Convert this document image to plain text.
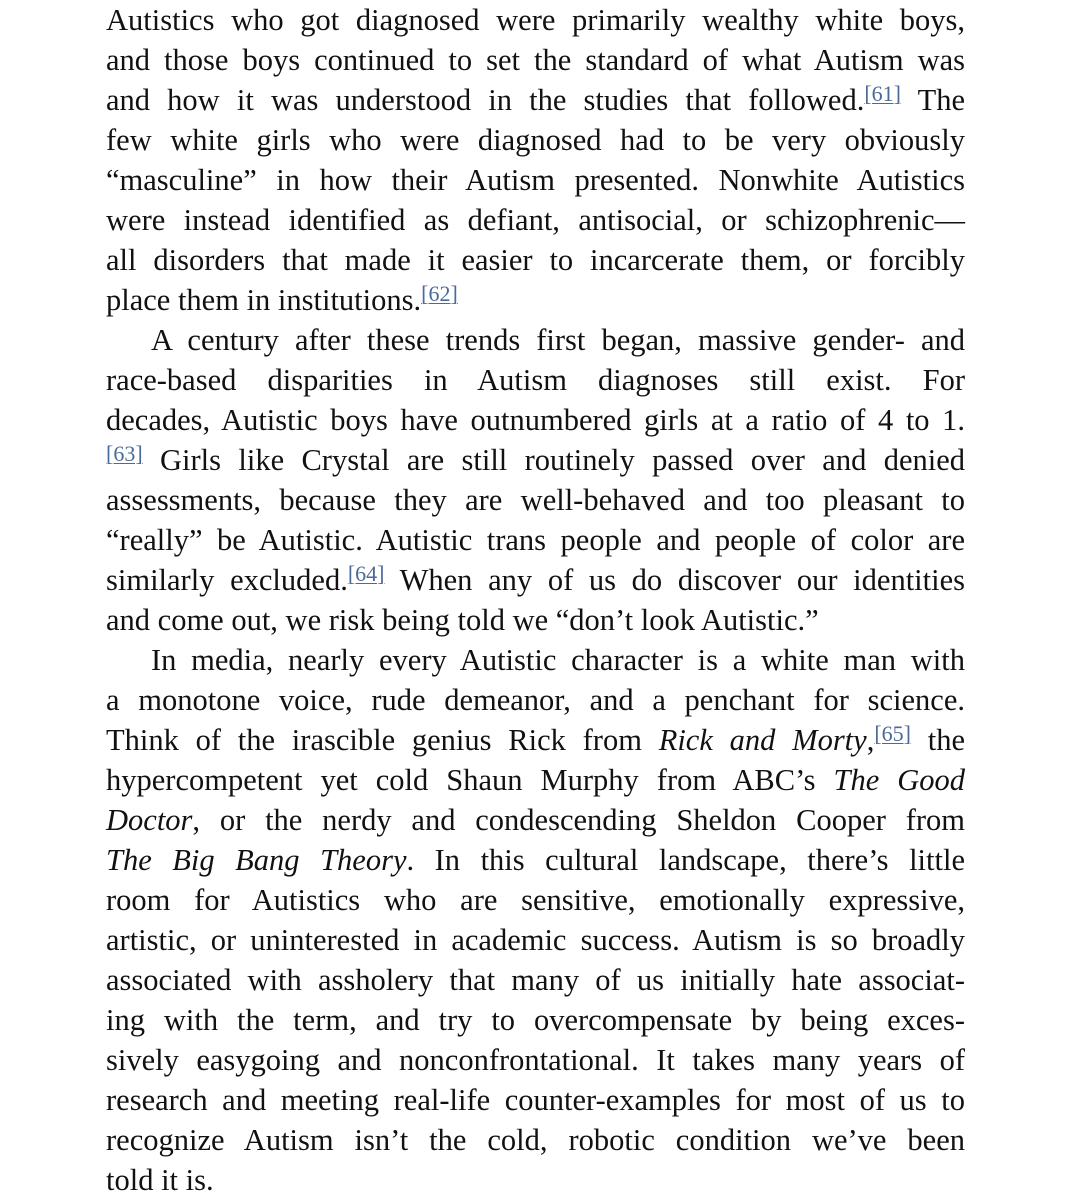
Autistics who got diagnosed were primarily wealthy white boys,
and those boys continued to set the standard of what Autism was
and how it was understood in the studies that followed.[61] The
few white girls who were diagnosed had to be very obviously
“masculine” in how their Autism presented. Nonwhite Autistics
were instead identified as defiant, antisocial, or schizophrenic—
all disorders that made it easier to incarcerate them, or forcibly
place them in institutions.[62]
A century after these trends first began, massive gender- and
race-based disparities in Autism diagnoses still exist. For
decades, Autistic boys have outnumbered girls at a ratio of 4 to 1.
[63] Girls like Crystal are still routinely passed over and denied
assessments, because they are well-behaved and too pleasant to
“really” be Autistic. Autistic trans people and people of color are
similarly excluded.[64] When any of us do discover our identities
and come out, we risk being told we “don’t look Autistic.”
In media, nearly every Autistic character is a white man with
a monotone voice, rude demeanor, and a penchant for science.
Think of the irascible genius Rick from Rick and Morty,[65] the
hypercompetent yet cold Shaun Murphy from ABC’s The Good
Doctor, or the nerdy and condescending Sheldon Cooper from
The Big Bang Theory. In this cultural landscape, there’s little
room for Autistics who are sensitive, emotionally expressive,
artistic, or uninterested in academic success. Autism is so broadly
associated with assholery that many of us initially hate associat-
ing with the term, and try to overcompensate by being exces-
sively easygoing and nonconfrontational. It takes many years of
research and meeting real-life counter-examples for most of us to
recognize Autism isn’t the cold, robotic condition we’ve been
told it is.
